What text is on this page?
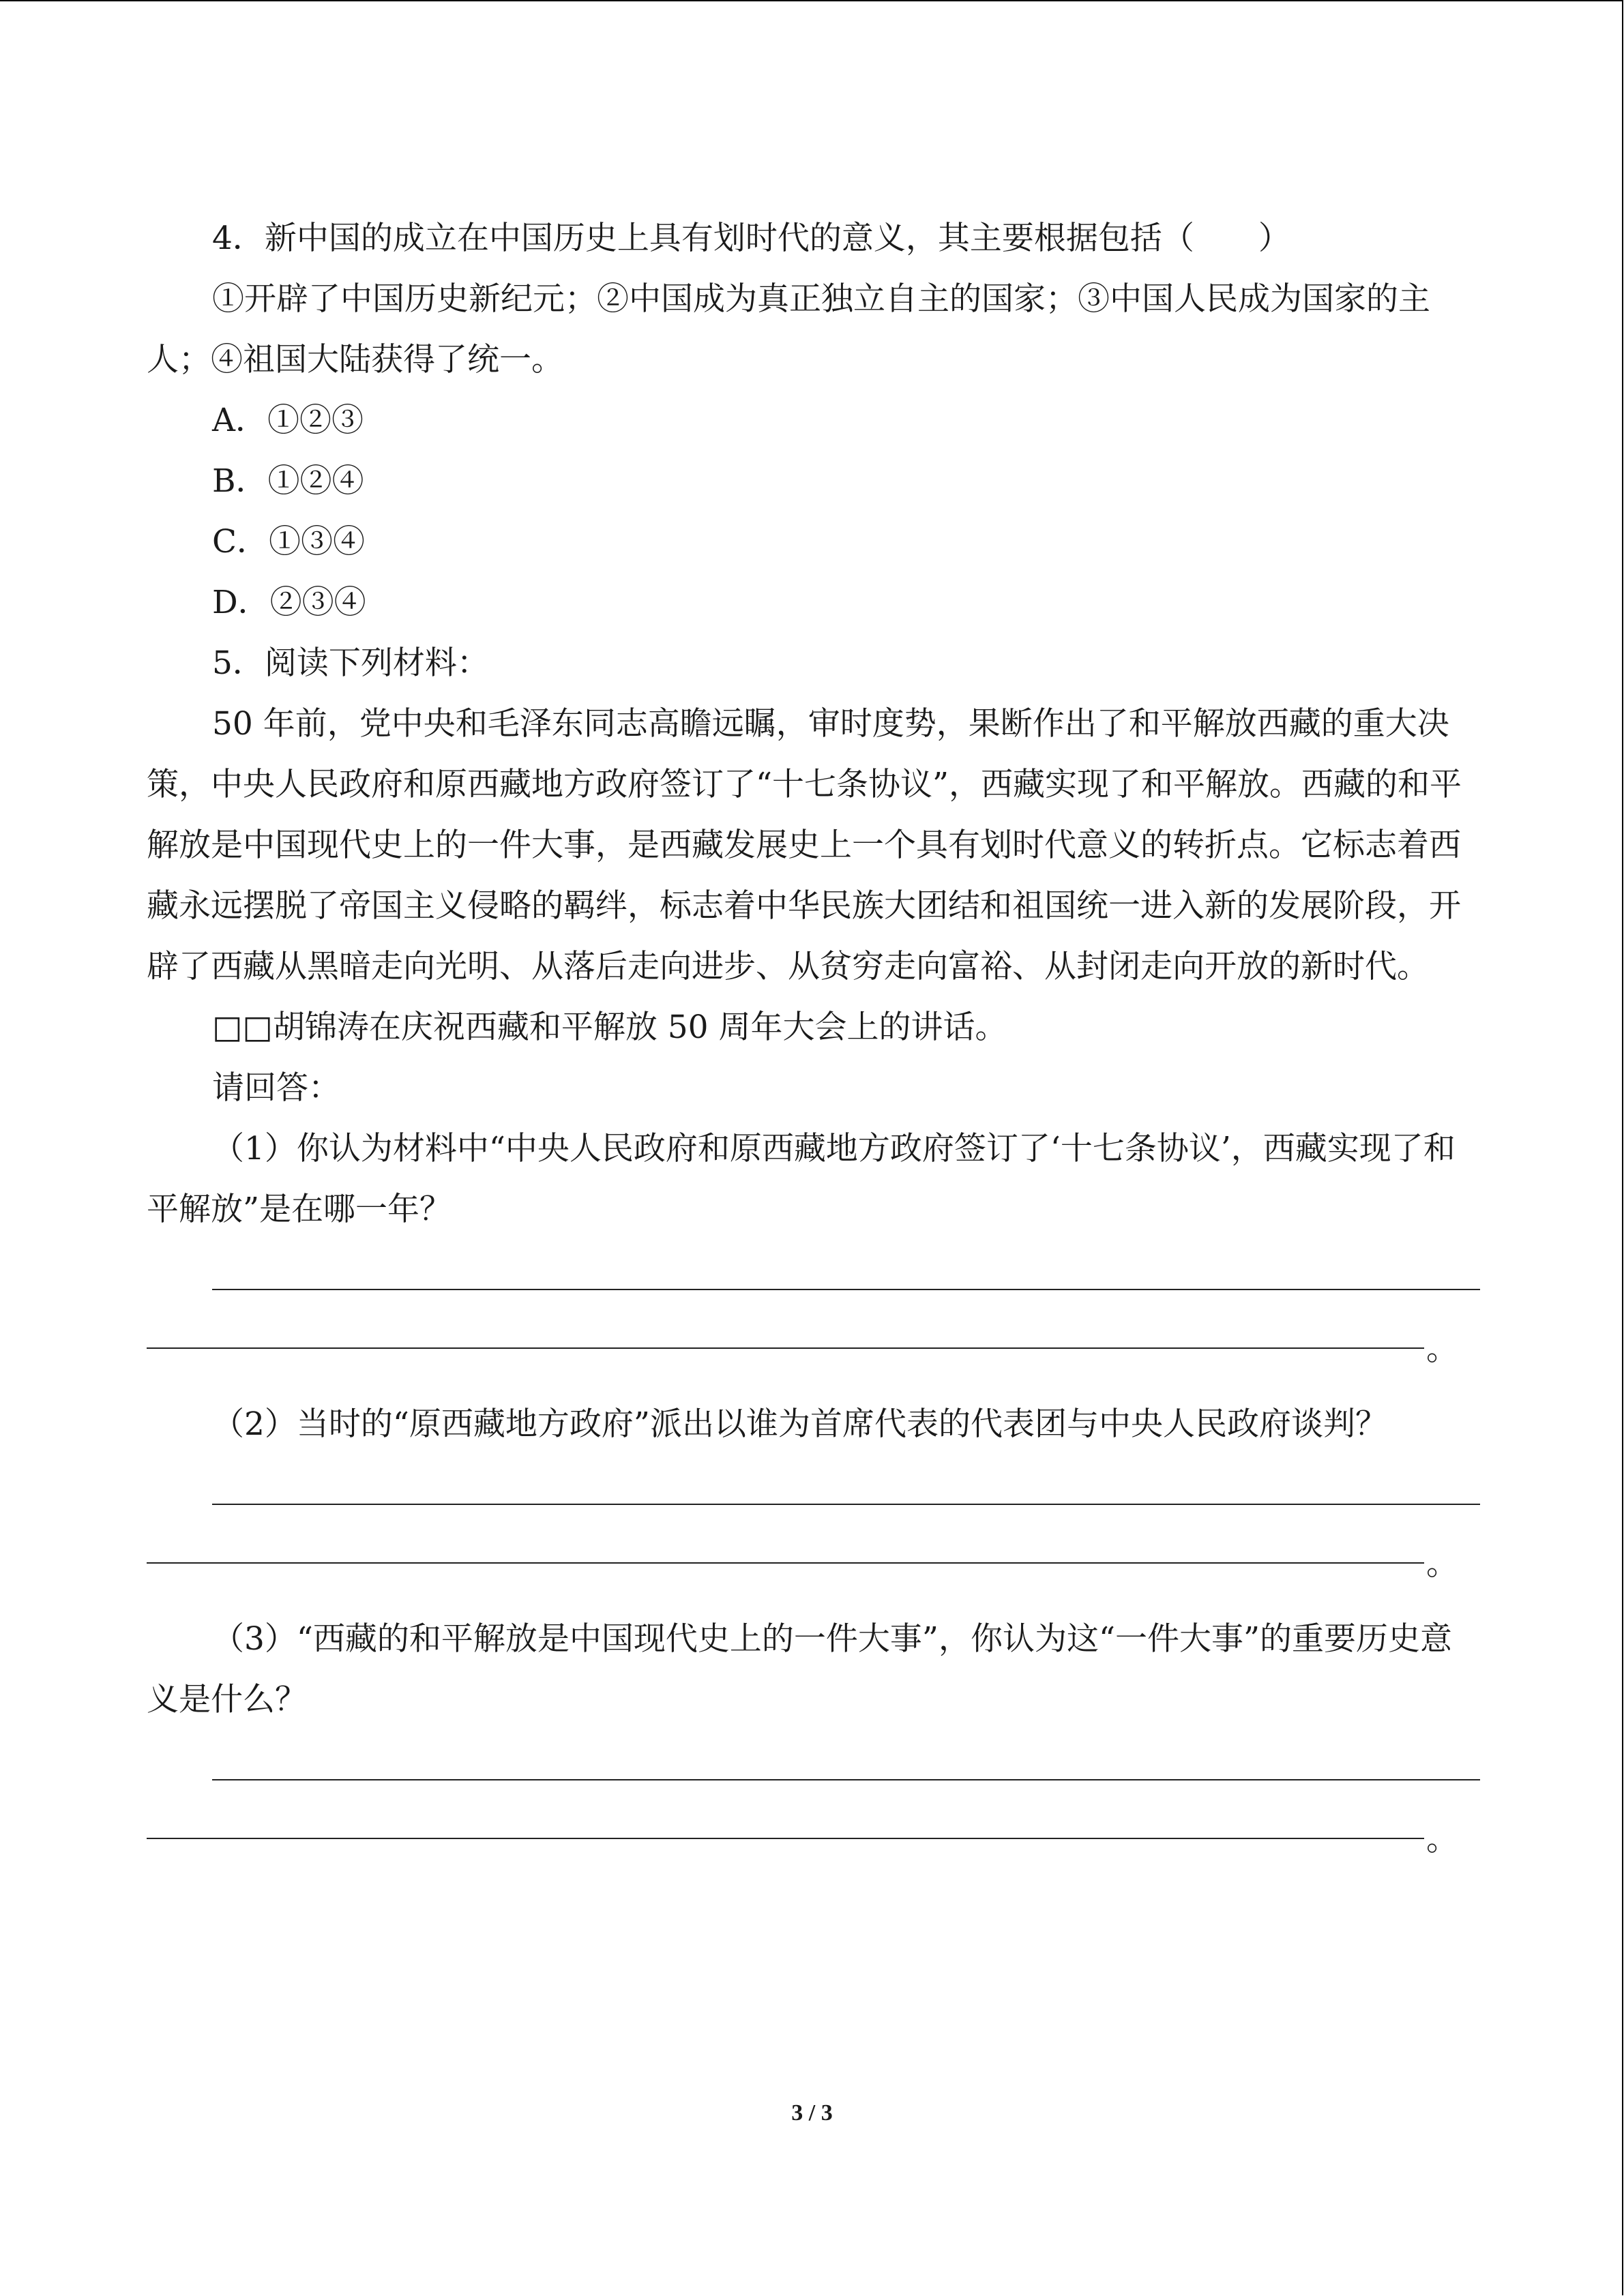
4．新中国的成立在中国历史上具有划时代的意义，其主要根据包括（　　）

①开辟了中国历史新纪元；②中国成为真正独立自主的国家；③中国人民成为国家的主人；④祖国大陆获得了统一。

A．①②③

B．①②④

C．①③④

D．②③④

5．阅读下列材料：

50 年前，党中央和毛泽东同志高瞻远瞩，审时度势，果断作出了和平解放西藏的重大决策，中央人民政府和原西藏地方政府签订了“十七条协议”，西藏实现了和平解放。西藏的和平解放是中国现代史上的一件大事，是西藏发展史上一个具有划时代意义的转折点。它标志着西藏永远摆脱了帝国主义侵略的羁绊，标志着中华民族大团结和祖国统一进入新的发展阶段，开辟了西藏从黑暗走向光明、从落后走向进步、从贫穷走向富裕、从封闭走向开放的新时代。

□□胡锦涛在庆祝西藏和平解放 50 周年大会上的讲话。

请回答：

（1）你认为材料中“中央人民政府和原西藏地方政府签订了‘十七条协议’，西藏实现了和平解放”是在哪一年？

。

（2）当时的“原西藏地方政府”派出以谁为首席代表的代表团与中央人民政府谈判？

。

（3）“西藏的和平解放是中国现代史上的一件大事”，你认为这“一件大事”的重要历史意义是什么？

。
3 / 3
